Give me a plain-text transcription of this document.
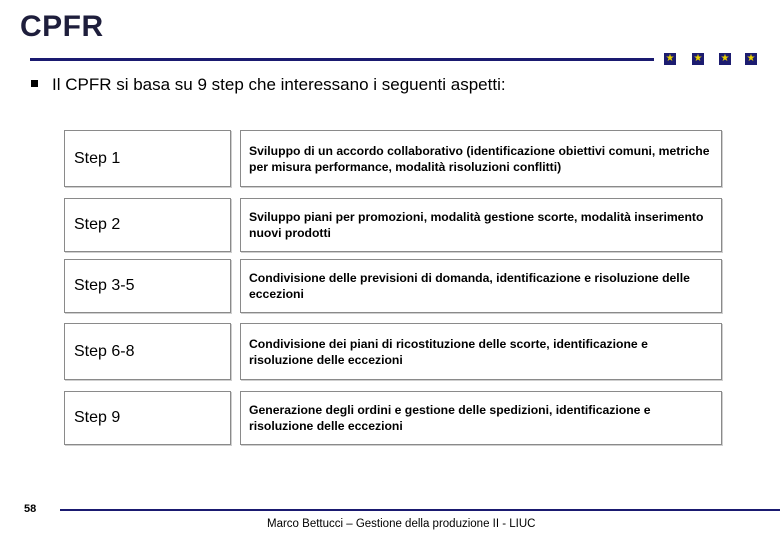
CPFR
★ ★ ★ ★
Il CPFR si basa su 9 step che interessano i seguenti aspetti:
Step 1	Sviluppo di un accordo collaborativo (identificazione obiettivi comuni, metriche per misura performance, modalità risoluzioni conflitti)
Step 2	Sviluppo piani per promozioni, modalità gestione scorte, modalità inserimento nuovi prodotti
Step 3-5	Condivisione delle previsioni di domanda, identificazione e risoluzione delle eccezioni
Step 6-8	Condivisione dei piani di ricostituzione delle scorte, identificazione e risoluzione delle eccezioni
Step 9	Generazione degli ordini e gestione delle spedizioni, identificazione e risoluzione delle eccezioni
58
Marco Bettucci – Gestione della produzione II - LIUC
